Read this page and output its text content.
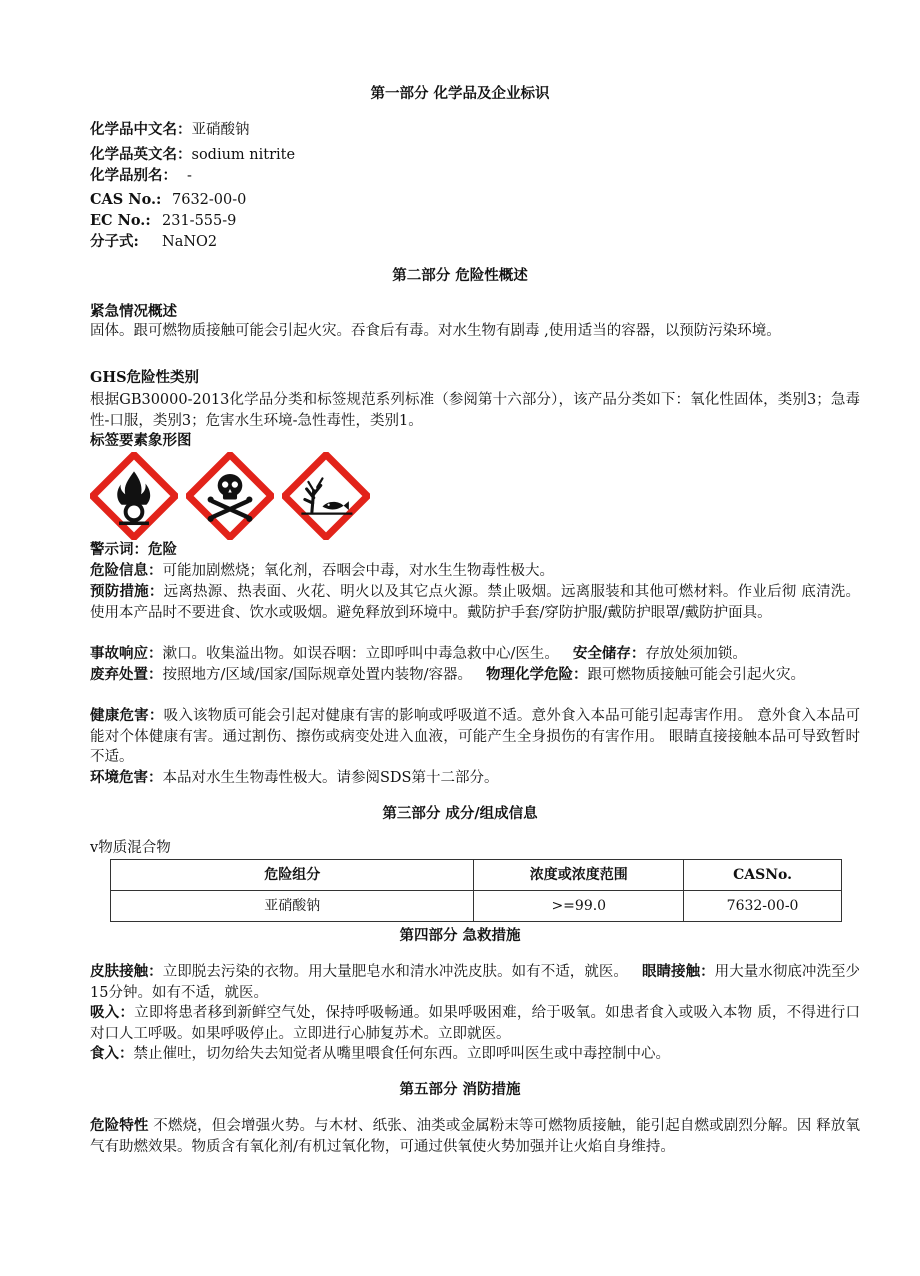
第一部分 化学品及企业标识
化学品中文名：亚硝酸钠
化学品英文名：sodium nitrite
化学品别名： -
CAS No.: 7632-00-0
EC No.: 231-555-9
分子式: NaNO2
第二部分 危险性概述
紧急情况概述
固体。跟可燃物质接触可能会引起火灾。吞食后有毒。对水生物有剧毒 ,使用适当的容器，以预防污染环境。
GHS危险性类别
根据GB30000-2013化学品分类和标签规范系列标准（参阅第十六部分），该产品分类如下：氧化性固体，类别3；急毒性-口服，类别3；危害水生环境-急性毒性，类别1。
标签要素象形图
警示词：危险
危险信息：可能加剧燃烧；氧化剂，吞咽会中毒，对水生生物毒性极大。
预防措施：远离热源、热表面、火花、明火以及其它点火源。禁止吸烟。远离服装和其他可燃材料。作业后彻 底清洗。使用本产品时不要进食、饮水或吸烟。避免释放到环境中。戴防护手套/穿防护服/戴防护眼罩/戴防护面具。
事故响应：漱口。收集溢出物。如误吞咽：立即呼叫中毒急救中心/医生。 安全储存：存放处须加锁。
废弃处置：按照地方/区域/国家/国际规章处置内装物/容器。 物理化学危险：跟可燃物质接触可能会引起火灾。
健康危害：吸入该物质可能会引起对健康有害的影响或呼吸道不适。意外食入本品可能引起毒害作用。 意外食入本品可能对个体健康有害。通过割伤、擦伤或病变处进入血液，可能产生全身损伤的有害作用。 眼睛直接接触本品可导致暂时不适。
环境危害：本品对水生生物毒性极大。请参阅SDS第十二部分。
第三部分 成分/组成信息
v物质混合物
危险组分	浓度或浓度范围	CASNo.
亚硝酸钠	>=99.0	7632-00-0
第四部分 急救措施
皮肤接触：立即脱去污染的衣物。用大量肥皂水和清水冲洗皮肤。如有不适，就医。 眼睛接触：用大量水彻底冲洗至少15分钟。如有不适，就医。
吸入：立即将患者移到新鲜空气处，保持呼吸畅通。如果呼吸困难，给于吸氧。如患者食入或吸入本物 质，不得进行口对口人工呼吸。如果呼吸停止。立即进行心肺复苏术。立即就医。
食入：禁止催吐，切勿给失去知觉者从嘴里喂食任何东西。立即呼叫医生或中毒控制中心。
第五部分 消防措施
危险特性 不燃烧，但会增强火势。与木材、纸张、油类或金属粉末等可燃物质接触，能引起自燃或剧烈分解。因 释放氧气有助燃效果。物质含有氧化剂/有机过氧化物，可通过供氧使火势加强并让火焰自身维持。
